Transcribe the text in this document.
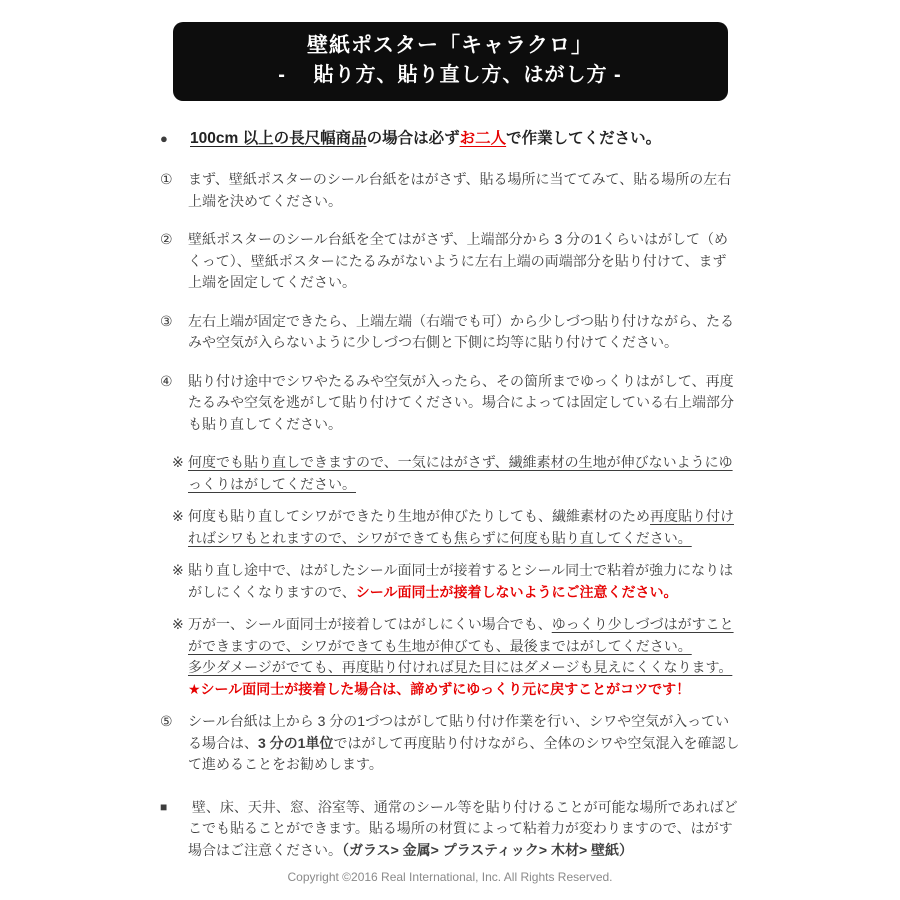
壁紙ポスター「キャラクロ」
-　 貼り方、貼り直し方、はがし方 -
●	100cm 以上の長尺幅商品の場合は必ずお二人で作業してください。
①	まず、壁紙ポスターのシール台紙をはがさず、貼る場所に当ててみて、貼る場所の左右上端を決めてください。
②	壁紙ポスターのシール台紙を全てはがさず、上端部分から 3 分の1くらいはがして（めくって）、壁紙ポスターにたるみがないように左右上端の両端部分を貼り付けて、まず上端を固定してください。
③	左右上端が固定できたら、上端左端（右端でも可）から少しづつ貼り付けながら、たるみや空気が入らないように少しづつ右側と下側に均等に貼り付けてください。
④	貼り付け途中でシワやたるみや空気が入ったら、その箇所までゆっくりはがして、再度たるみや空気を逃がして貼り付けてください。場合によっては固定している右上端部分も貼り直してください。
※ 何度でも貼り直しできますので、一気にはがさず、繊維素材の生地が伸びないようにゆっくりはがしてください。
※ 何度も貼り直してシワができたり生地が伸びたりしても、繊維素材のため再度貼り付ければシワもとれますので、シワができても焦らずに何度も貼り直してください。
※ 貼り直し途中で、はがしたシール面同士が接着するとシール同士で粘着が強力になりはがしにくくなりますので、シール面同士が接着しないようにご注意ください。
※ 万が一、シール面同士が接着してはがしにくい場合でも、ゆっくり少しづづはがすことができますので、シワができても生地が伸びても、最後まではがしてください。
多少ダメージがでても、再度貼り付ければ見た目にはダメージも見えにくくなります。
★シール面同士が接着した場合は、諦めずにゆっくり元に戻すことがコツです！
⑤	シール台紙は上から 3 分の1づつはがして貼り付け作業を行い、シワや空気が入っている場合は、3 分の1単位ではがして再度貼り付けながら、全体のシワや空気混入を確認して進めることをお勧めします。
■	壁、床、天井、窓、浴室等、通常のシール等を貼り付けることが可能な場所であればどこでも貼ることができます。貼る場所の材質によって粘着力が変わりますので、はがす場合はご注意ください。（ガラス> 金属> プラスティック> 木材> 壁紙）
Copyright ©2016 Real International, Inc. All Rights Reserved.
